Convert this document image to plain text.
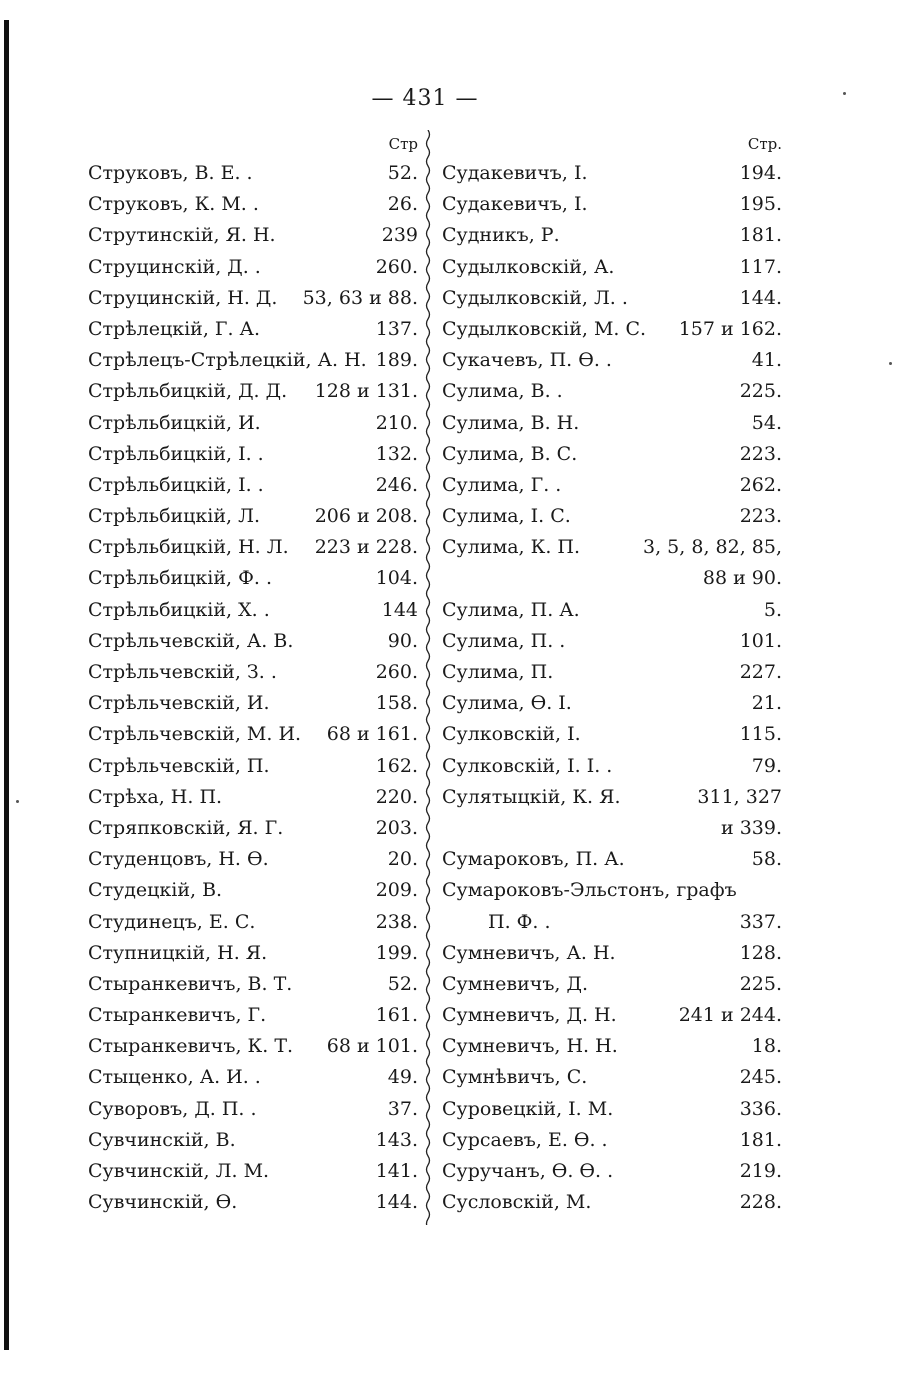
— 431 —
Стр
Струковъ, В. Е. .	52.
Струковъ, К. М. .	26.
Струтинскій, Я. Н.	239
Струцинскій, Д. .	260.
Струцинскій, Н. Д. 53, 63 и 88.
Стрѣлецкій, Г. А.	137.
Стрѣлецъ-Стрѣлецкій, А. Н. 189.
Стрѣльбицкій, Д. Д. 128 и 131.
Стрѣльбицкій, И.	210.
Стрѣльбицкій, І. .	132.
Стрѣльбицкій, І. .	246.
Стрѣльбицкій, Л.	206 и 208.
Стрѣльбицкій, Н. Л. 223 и 228.
Стрѣльбицкій, Ф. .	104.
Стрѣльбицкій, Х. .	144
Стрѣльчевскій, А. В.	90.
Стрѣльчевскій, З. .	260.
Стрѣльчевскій, И.	158.
Стрѣльчевскій, М. И. 68 и 161.
Стрѣльчевскій, П.	162.
Стрѣха, Н. П.	220.
Стряпковскій, Я. Г.	203.
Студенцовъ, Н. Ѳ.	20.
Студецкій, В.	209.
Студинецъ, Е. С.	238.
Ступницкій, Н. Я.	199.
Стыранкевичъ, В. Т.	52.
Стыранкевичъ, Г.	161.
Стыранкевичъ, К. Т. 68 и 101.
Стыценко, А. И. .	49.
Суворовъ, Д. П. .	37.
Сувчинскій, В.	143.
Сувчинскій, Л. М.	141.
Сувчинскій, Ѳ.	144.
Стр.
Судакевичъ, І.	194.
Судакевичъ, І.	195.
Судникъ, Р.	181.
Судылковскій, А.	117.
Судылковскій, Л. .	144.
Судылковскій, М. С. 157 и 162.
Сукачевъ, П. Ѳ. .	41.
Сулима, В. .	225.
Сулима, В. Н.	54.
Сулима, В. С.	223.
Сулима, Г. .	262.
Сулима, І. С.	223.
Сулима, К. П.	3, 5, 8, 82, 85,
88 и 90.
Сулима, П. А.	5.
Сулима, П. .	101.
Сулима, П.	227.
Сулима, Ѳ. І.	21.
Сулковскій, І.	115.
Сулковскій, І. І. .	79.
Сулятыцкій, К. Я.	311, 327
и 339.
Сумароковъ, П. А.	58.
Сумароковъ-Эльстонъ, графъ
П. Ф. .	337.
Сумневичъ, А. Н.	128.
Сумневичъ, Д.	225.
Сумневичъ, Д. Н.	241 и 244.
Сумневичъ, Н. Н.	18.
Сумнѣвичъ, С.	245.
Суровецкій, І. М.	336.
Сурсаевъ, Е. Ѳ. .	181.
Суручанъ, Ѳ. Ѳ. .	219.
Сусловскій, М.	228.
